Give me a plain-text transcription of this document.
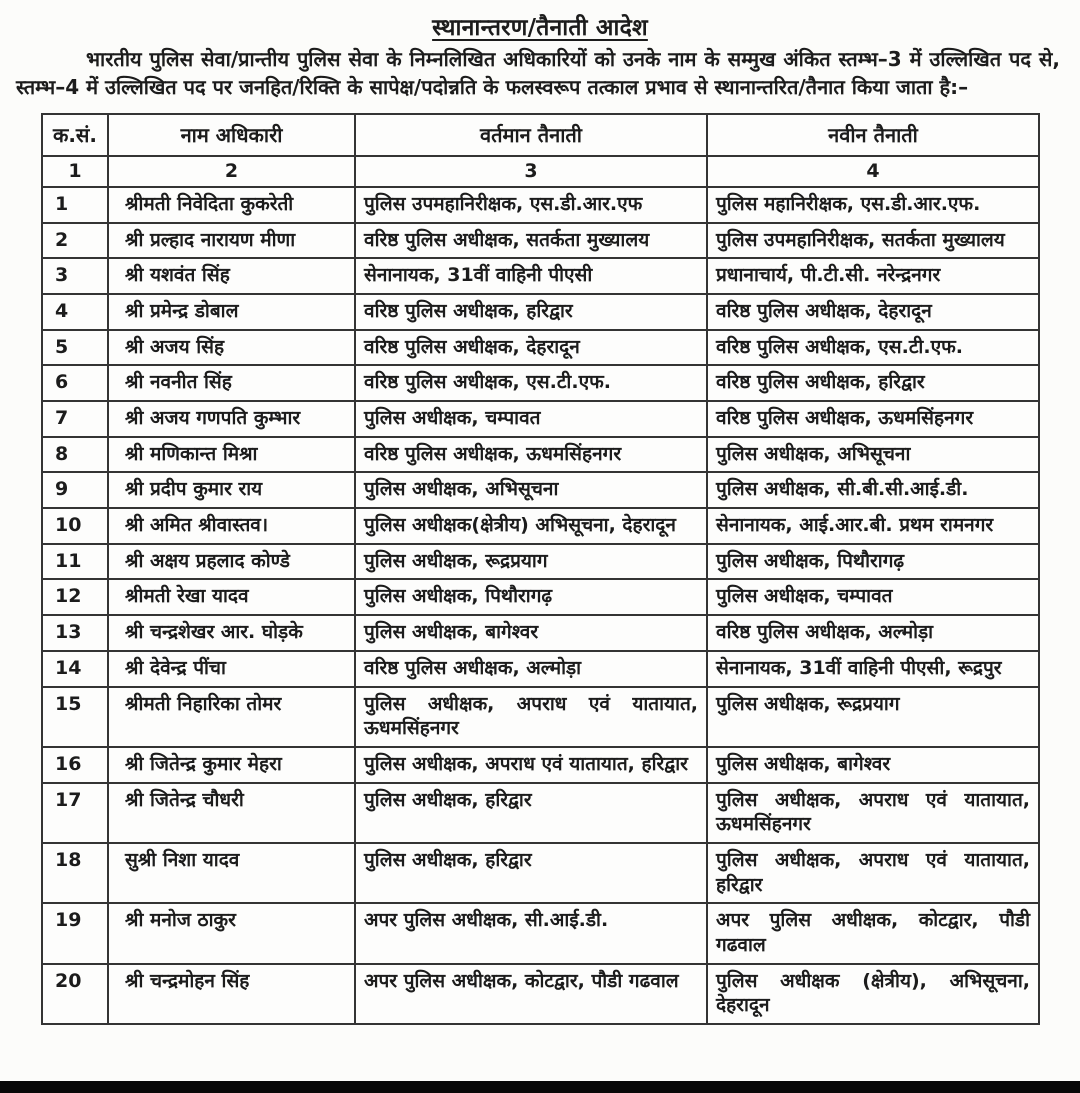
स्थानान्तरण/तैनाती आदेश

भारतीय पुलिस सेवा/प्रान्तीय पुलिस सेवा के निम्नलिखित अधिकारियों को उनके नाम के सम्मुख अंकित स्तम्भ–3 में उल्लिखित पद से, स्तम्भ–4 में उल्लिखित पद पर जनहित/रिक्ति के सापेक्ष/पदोन्नति के फलस्वरूप तत्काल प्रभाव से स्थानान्तरित/तैनात किया जाता है:–

क.सं.	नाम अधिकारी	वर्तमान तैनाती	नवीन तैनाती
1	2	3	4
1	श्रीमती निवेदिता कुकरेती	पुलिस उपमहानिरीक्षक, एस.डी.आर.एफ	पुलिस महानिरीक्षक, एस.डी.आर.एफ.
2	श्री प्रल्हाद नारायण मीणा	वरिष्ठ पुलिस अधीक्षक, सतर्कता मुख्यालय	पुलिस उपमहानिरीक्षक, सतर्कता मुख्यालय
3	श्री यशवंत सिंह	सेनानायक, 31वीं वाहिनी पीएसी	प्रधानाचार्य, पी.टी.सी. नरेन्द्रनगर
4	श्री प्रमेन्द्र डोबाल	वरिष्ठ पुलिस अधीक्षक, हरिद्वार	वरिष्ठ पुलिस अधीक्षक, देहरादून
5	श्री अजय सिंह	वरिष्ठ पुलिस अधीक्षक, देहरादून	वरिष्ठ पुलिस अधीक्षक, एस.टी.एफ.
6	श्री नवनीत सिंह	वरिष्ठ पुलिस अधीक्षक, एस.टी.एफ.	वरिष्ठ पुलिस अधीक्षक, हरिद्वार
7	श्री अजय गणपति कुम्भार	पुलिस अधीक्षक, चम्पावत	वरिष्ठ पुलिस अधीक्षक, ऊधमसिंहनगर
8	श्री मणिकान्त मिश्रा	वरिष्ठ पुलिस अधीक्षक, ऊधमसिंहनगर	पुलिस अधीक्षक, अभिसूचना
9	श्री प्रदीप कुमार राय	पुलिस अधीक्षक, अभिसूचना	पुलिस अधीक्षक, सी.बी.सी.आई.डी.
10	श्री अमित श्रीवास्तव।	पुलिस अधीक्षक(क्षेत्रीय) अभिसूचना, देहरादून	सेनानायक, आई.आर.बी. प्रथम रामनगर
11	श्री अक्षय प्रहलाद कोण्डे	पुलिस अधीक्षक, रूद्रप्रयाग	पुलिस अधीक्षक, पिथौरागढ़
12	श्रीमती रेखा यादव	पुलिस अधीक्षक, पिथौरागढ़	पुलिस अधीक्षक, चम्पावत
13	श्री चन्द्रशेखर आर. घोड़के	पुलिस अधीक्षक, बागेश्वर	वरिष्ठ पुलिस अधीक्षक, अल्मोड़ा
14	श्री देवेन्द्र पींचा	वरिष्ठ पुलिस अधीक्षक, अल्मोड़ा	सेनानायक, 31वीं वाहिनी पीएसी, रूद्रपुर
15	श्रीमती निहारिका तोमर	पुलिस अधीक्षक, अपराध एवं यातायात, ऊधमसिंहनगर	पुलिस अधीक्षक, रूद्रप्रयाग
16	श्री जितेन्द्र कुमार मेहरा	पुलिस अधीक्षक, अपराध एवं यातायात, हरिद्वार	पुलिस अधीक्षक, बागेश्वर
17	श्री जितेन्द्र चौधरी	पुलिस अधीक्षक, हरिद्वार	पुलिस अधीक्षक, अपराध एवं यातायात, ऊधमसिंहनगर
18	सुश्री निशा यादव	पुलिस अधीक्षक, हरिद्वार	पुलिस अधीक्षक, अपराध एवं यातायात, हरिद्वार
19	श्री मनोज ठाकुर	अपर पुलिस अधीक्षक, सी.आई.डी.	अपर पुलिस अधीक्षक, कोटद्वार, पौडी गढवाल
20	श्री चन्द्रमोहन सिंह	अपर पुलिस अधीक्षक, कोटद्वार, पौडी गढवाल	पुलिस अधीक्षक (क्षेत्रीय), अभिसूचना, देहरादून
